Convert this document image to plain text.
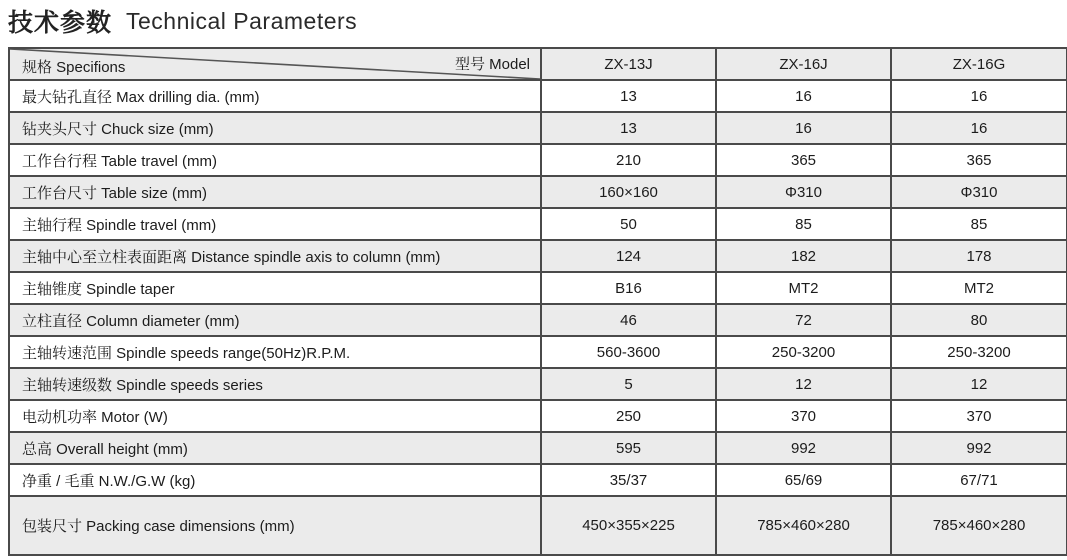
技术参数 Technical Parameters
规格 Specifions 型号 Model	ZX-13J	ZX-16J	ZX-16G
最大钻孔直径 Max drilling dia. (mm)	13	16	16
钻夹头尺寸 Chuck size (mm)	13	16	16
工作台行程 Table travel (mm)	210	365	365
工作台尺寸 Table size (mm)	160×160	Φ310	Φ310
主轴行程 Spindle travel (mm)	50	85	85
主轴中心至立柱表面距离 Distance spindle axis to column (mm)	124	182	178
主轴锥度 Spindle taper	B16	MT2	MT2
立柱直径 Column diameter (mm)	46	72	80
主轴转速范围 Spindle speeds range(50Hz)R.P.M.	560-3600	250-3200	250-3200
主轴转速级数 Spindle speeds series	5	12	12
电动机功率 Motor (W)	250	370	370
总高 Overall height (mm)	595	992	992
净重 / 毛重 N.W./G.W (kg)	35/37	65/69	67/71
包装尺寸 Packing case dimensions (mm)	450×355×225	785×460×280	785×460×280
